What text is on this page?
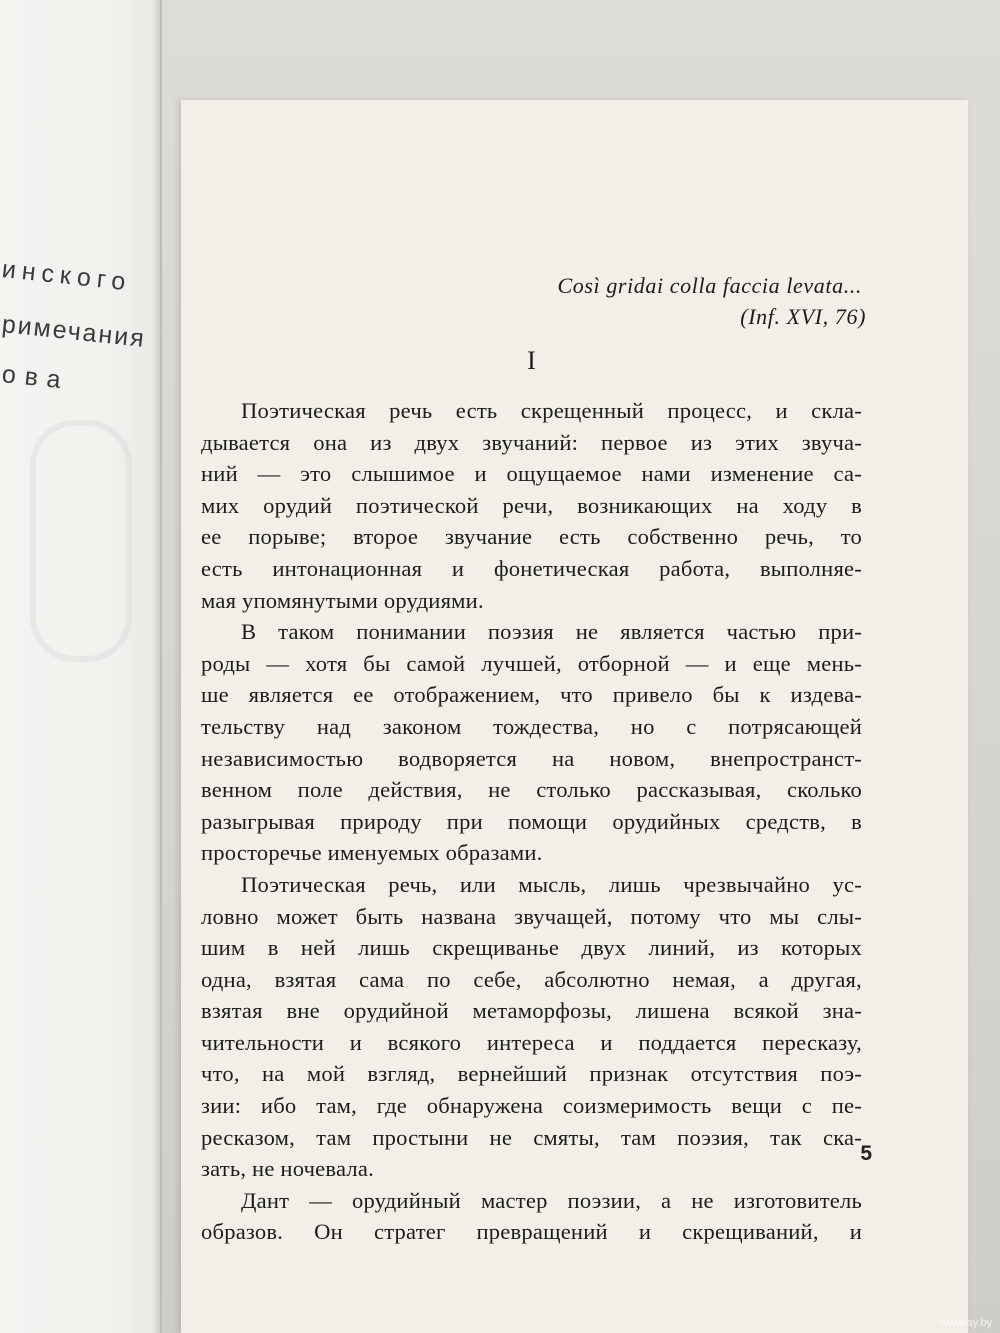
инского
римечания
ова
Così gridai colla faccia levata...
(Inf. XVI, 76)
I
Поэтическая речь есть скрещенный процесс, и скла-
дывается она из двух звучаний: первое из этих звуча-
ний — это слышимое и ощущаемое нами изменение са-
мих орудий поэтической речи, возникающих на ходу в
ее порыве; второе звучание есть собственно речь, то
есть интонационная и фонетическая работа, выполняе-
мая упомянутыми орудиями.
В таком понимании поэзия не является частью при-
роды — хотя бы самой лучшей, отборной — и еще мень-
ше является ее отображением, что привело бы к издева-
тельству над законом тождества, но с потрясающей
независимостью водворяется на новом, внепространст-
венном поле действия, не столько рассказывая, сколько
разыгрывая природу при помощи орудийных средств, в
просторечье именуемых образами.
Поэтическая речь, или мысль, лишь чрезвычайно ус-
ловно может быть названа звучащей, потому что мы слы-
шим в ней лишь скрещиванье двух линий, из которых
одна, взятая сама по себе, абсолютно немая, а другая,
взятая вне орудийной метаморфозы, лишена всякой зна-
чительности и всякого интереса и поддается пересказу,
что, на мой взгляд, вернейший признак отсутствия поэ-
зии: ибо там, где обнаружена соизмеримость вещи с пе-
ресказом, там простыни не смяты, там поэзия, так ска-
зать, не ночевала.
Дант — орудийный мастер поэзии, а не изготовитель
образов. Он стратег превращений и скрещиваний, и
5
www.ay.by
